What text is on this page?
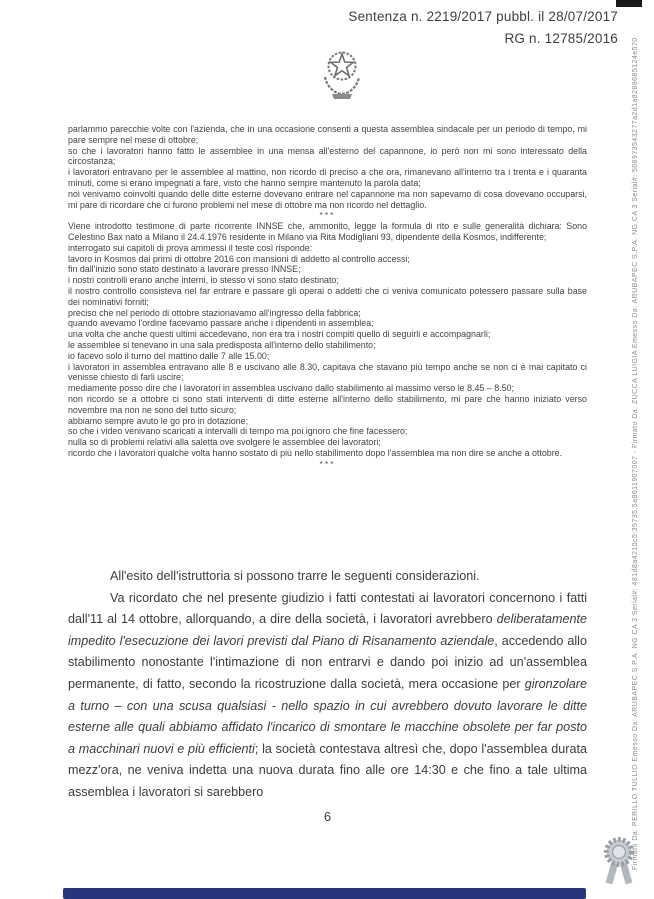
Sentenza n. 2219/2017 pubbl. il 28/07/2017
RG n. 12785/2016

parlammo parecchie volte con l'azienda, che in una occasione consenti a questa assemblea sindacale per un periodo di tempo, mi pare sempre nel mese di ottobre;

so che i lavoratori hanno fatto le assemblee in una mensa all'esterno del capannone, io però non mi sono interessato della circostanza;

i lavoratori entravano per le assemblee al mattino, non ricordo di preciso a che ora, rimanevano all'interno tra i trenta e i quaranta minuti, come si erano impegnati a fare, visto che hanno sempre mantenuto la parola data;

noi venivamo coinvolti quando delle ditte esterne dovevano entrare nel capannone ma non sapevamo di cosa dovevano occuparsi, mi pare di ricordare che ci furono problemi nel mese di ottobre ma non ricordo nel dettaglio.

***

Viene introdotto testimone di parte ricorrente INNSE che, ammonito, legge la formula di rito e sulle generalità dichiara: Sono Celestino Bax nato a Milano il 24.4.1976 residente in Milano via Rita Modigliani 93, dipendente della Kosmos, indifferente;

interrogato sui capitoli di prova ammessi il teste così risponde:

lavoro in Kosmos dai primi di ottobre 2016 con mansioni di addetto al controllo accessi;

fin dall'inizio sono stato destinato a lavorare presso INNSE;

i nostri controlli erano anche interni, io stesso vi sono stato destinato;

il nostro controllo consisteva nel far entrare e passare gli operai o addetti che ci veniva comunicato potessero passare sulla base dei nominativi forniti;

preciso che nel periodo di ottobre stazionavamo all'ingresso della fabbrica;

quando avevamo l'ordine facevamo passare anche i dipendenti in assemblea;

una volta che anche questi ultimi accedevano, non era tra i nostri compiti quello di seguirli e accompagnarli;

le assemblee si tenevano in una sala predisposta all'interno dello stabilimento;

io facevo solo il turno del mattino dalle 7 alle 15.00;

i lavoratori in assemblea entravano alle 8 e uscivano alle 8.30, capitava che stavano più tempo anche se non ci è mai capitato ci venisse chiesto di farli uscire;

mediamente posso dire che i lavoratori in assemblea uscivano dallo stabilimento al massimo verso le 8.45 – 8.50;

non ricordo se a ottobre ci sono stati interventi di ditte esterne all'interno dello stabilimento, mi pare che hanno iniziato verso novembre ma non ne sono del tutto sicuro;

abbiamo sempre avuto le go pro in dotazione;

so che i video venivano scaricati a intervalli di tempo ma poi ignoro che fine facessero;

nulla so di problemi relativi alla saletta ove svolgere le assemblee dei lavoratori;

ricordo che i lavoratori qualche volta hanno sostato di più nello stabilimento dopo l'assemblea ma non dire se anche a ottobre.

***

All'esito dell'istruttoria si possono trarre le seguenti considerazioni.

Va ricordato che nel presente giudizio i fatti contestati ai lavoratori concernono i fatti dall'11 al 14 ottobre, allorquando, a dire della società, i lavoratori avrebbero deliberatamente impedito l'esecuzione dei lavori previsti dal Piano di Risanamento aziendale, accedendo allo stabilimento nonostante l'intimazione di non entrarvi e dando poi inizio ad un'assemblea permanente, di fatto, secondo la ricostruzione dalla società, mera occasione per gironzolare a turno – con una scusa qualsiasi - nello spazio in cui avrebbero dovuto lavorare le ditte esterne alle quali abbiamo affidato l'incarico di smontare le macchine obsolete per far posto a macchinari nuovi e più efficienti; la società contestava altresì che, dopo l'assemblea durata mezz'ora, ne veniva indetta una nuova durata fino alle ore 14:30 e che fino a tale ultima assemblea i lavoratori si sarebbero

6	Firmato Da: PERILLO TULLIO Emesso Da: ARUBAPEC S.P.A. NG CA 3 Serial#: 481d8a4210c5:35735:5a8611907007 - Firmato Da: ZUCCA LUIGIA Emesso Da: ARUBAPEC S.P.A. NG CA 3 Serial#: 568973543277a2d1a8288685124e570
